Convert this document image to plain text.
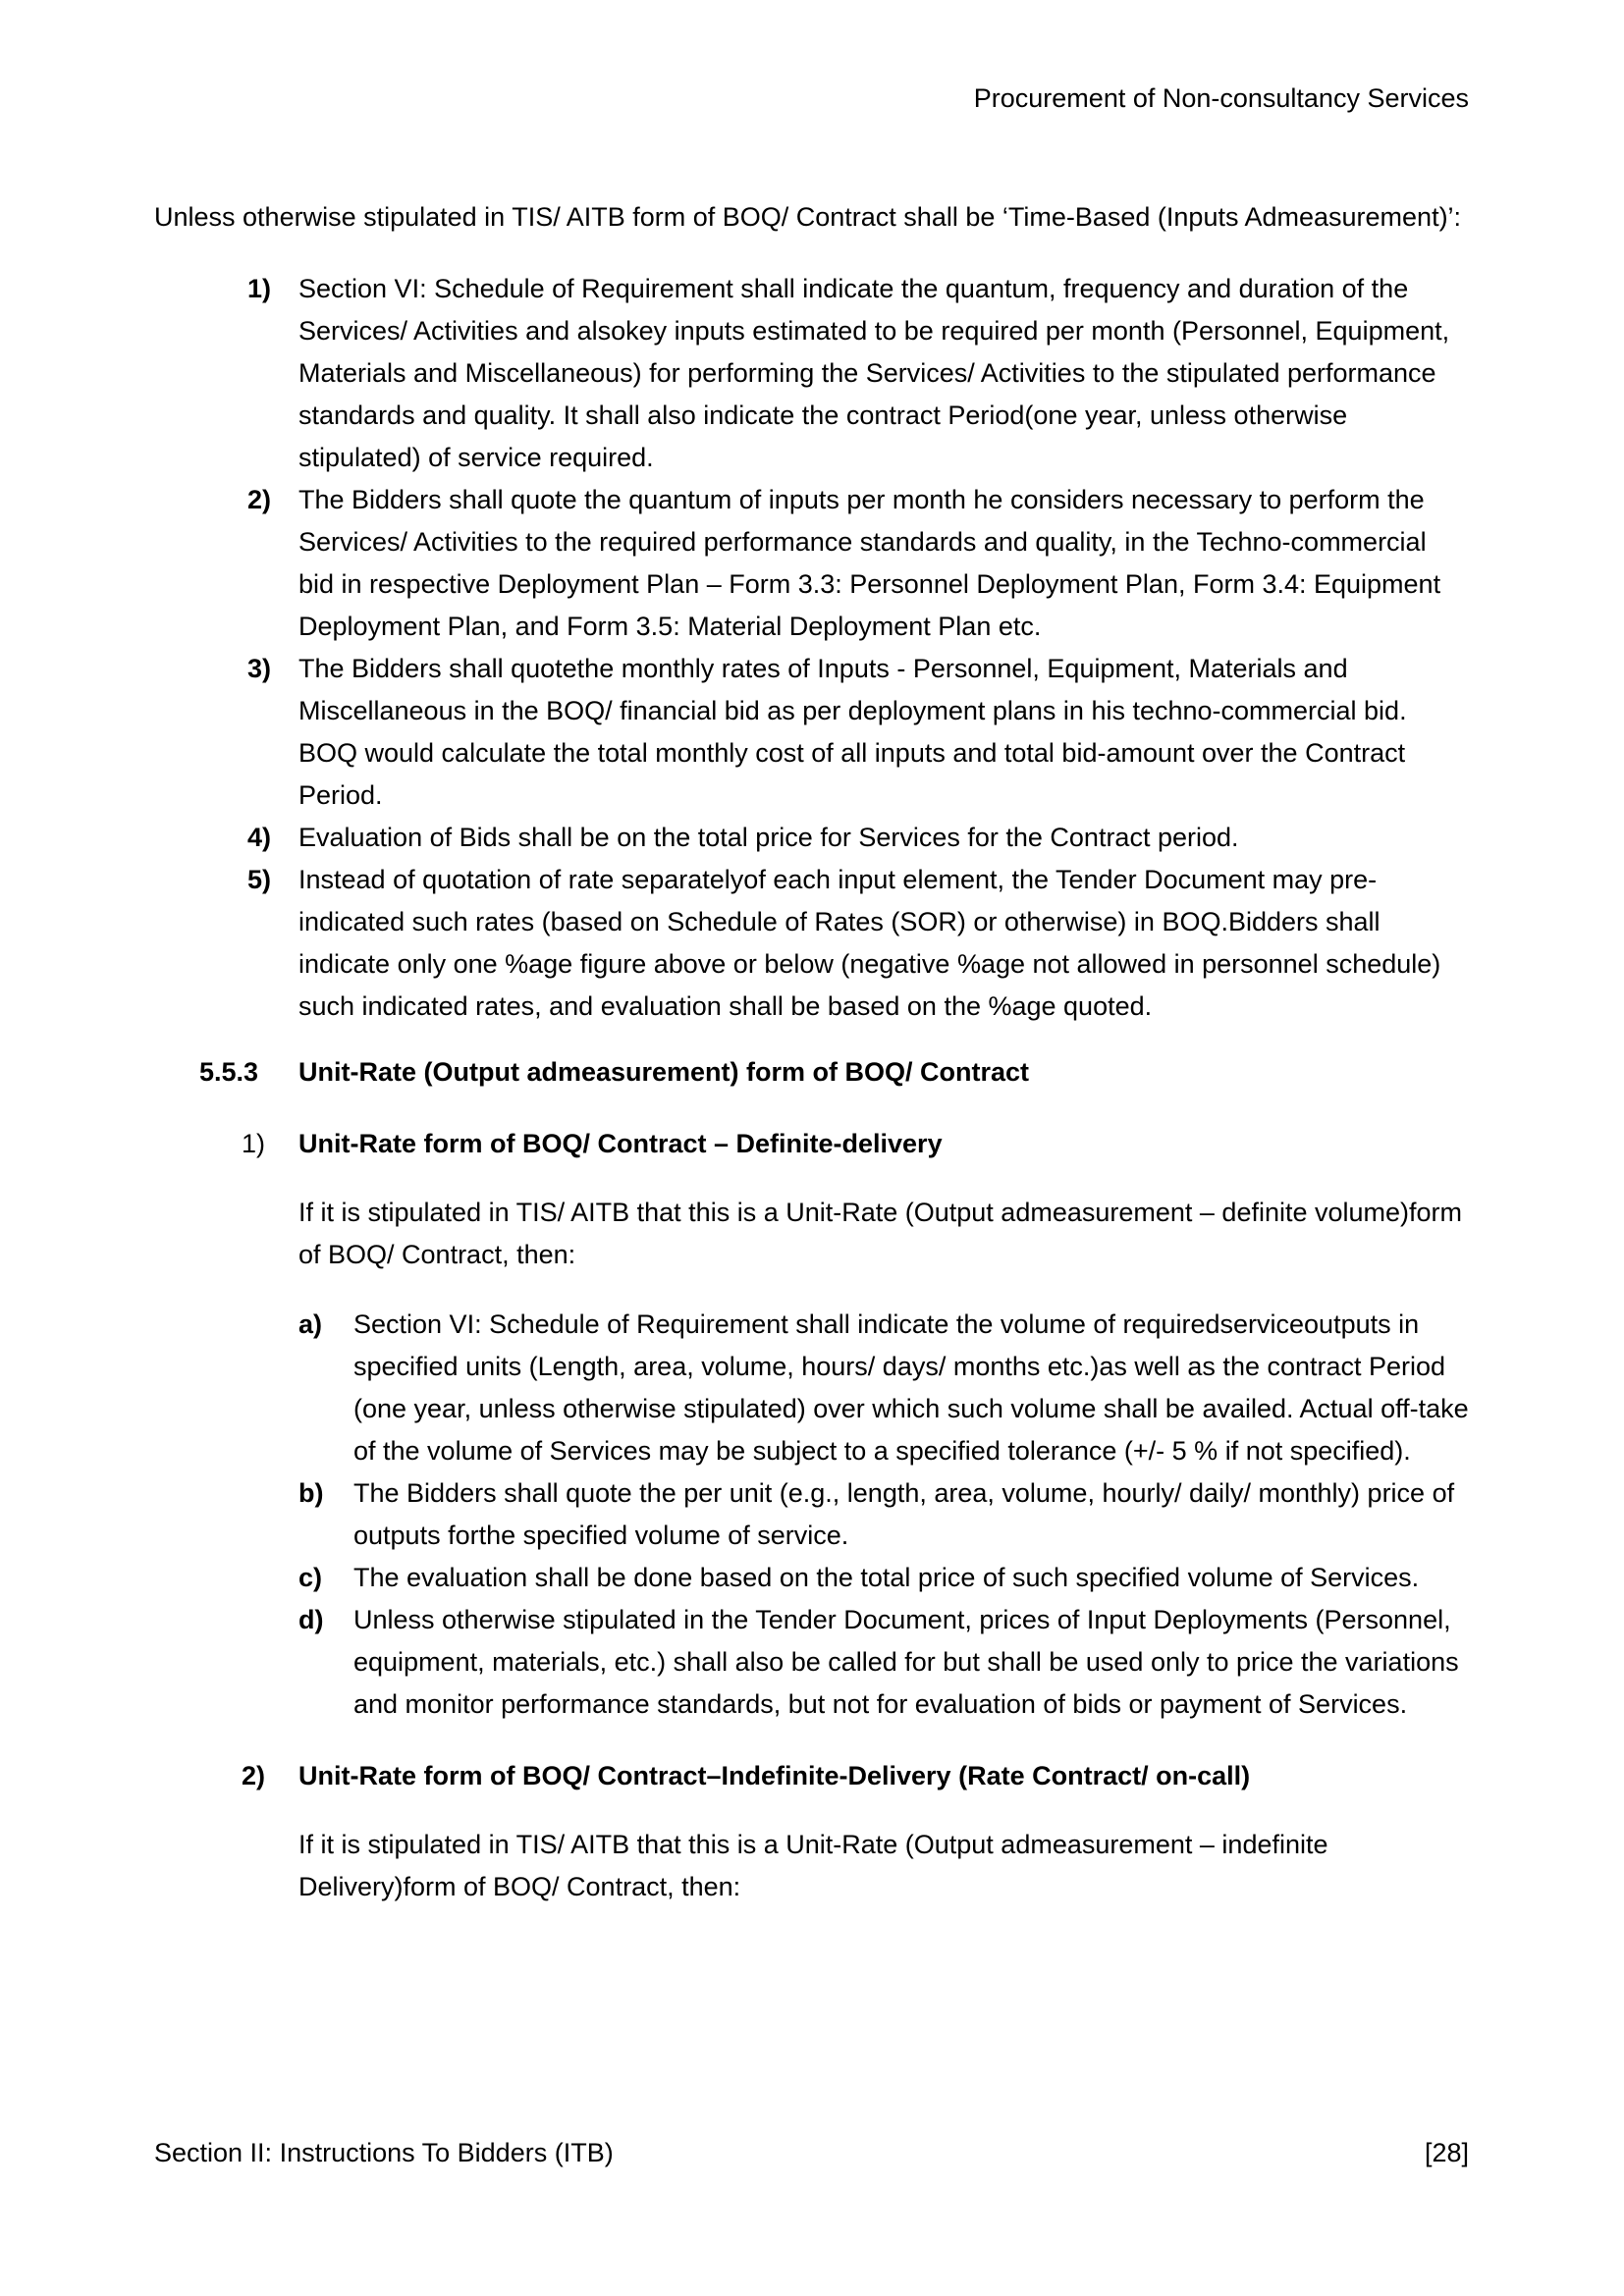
Procurement of Non-consultancy Services

Unless otherwise stipulated in TIS/ AITB form of BOQ/ Contract shall be ‘Time-Based (Inputs Admeasurement)’:

1)	Section VI: Schedule of Requirement shall indicate the quantum, frequency and duration of the Services/ Activities and alsokey inputs estimated to be required per month (Personnel, Equipment, Materials and Miscellaneous) for performing the Services/ Activities to the stipulated performance standards and quality. It shall also indicate the contract Period(one year, unless otherwise stipulated) of service required.
2)	The Bidders shall quote the quantum of inputs per month he considers necessary to perform the Services/ Activities to the required performance standards and quality, in the Techno-commercial bid in respective Deployment Plan – Form 3.3: Personnel Deployment Plan, Form 3.4: Equipment Deployment Plan, and Form 3.5: Material Deployment Plan etc.
3)	The Bidders shall quotethe monthly rates of Inputs - Personnel, Equipment, Materials and Miscellaneous in the BOQ/ financial bid as per deployment plans in his techno-commercial bid. BOQ would calculate the total monthly cost of all inputs and total bid-amount over the Contract Period.
4)	Evaluation of Bids shall be on the total price for Services for the Contract period.
5)	Instead of quotation of rate separatelyof each input element, the Tender Document may pre-indicated such rates (based on Schedule of Rates (SOR) or otherwise) in BOQ.Bidders shall indicate only one %age figure above or below (negative %age not allowed in personnel schedule) such indicated rates, and evaluation shall be based on the %age quoted.
5.5.3	Unit-Rate (Output admeasurement) form of BOQ/ Contract
1)	Unit-Rate form of BOQ/ Contract – Definite-delivery

If it is stipulated in TIS/ AITB that this is a Unit-Rate (Output admeasurement – definite volume)form of BOQ/ Contract, then:

a)	Section VI: Schedule of Requirement shall indicate the volume of requiredserviceoutputs in specified units (Length, area, volume, hours/ days/ months etc.)as well as the contract Period (one year, unless otherwise stipulated) over which such volume shall be availed. Actual off-take of the volume of Services may be subject to a specified tolerance (+/- 5 % if not specified).
b)	The Bidders shall quote the per unit (e.g., length, area, volume, hourly/ daily/ monthly) price of outputs forthe specified volume of service.
c)	The evaluation shall be done based on the total price of such specified volume of Services.
d)	Unless otherwise stipulated in the Tender Document, prices of Input Deployments (Personnel, equipment, materials, etc.) shall also be called for but shall be used only to price the variations and monitor performance standards, but not for evaluation of bids or payment of Services.
2)	Unit-Rate form of BOQ/ Contract–Indefinite-Delivery (Rate Contract/ on-call)

If it is stipulated in TIS/ AITB that this is a Unit-Rate (Output admeasurement – indefinite Delivery)form of BOQ/ Contract, then:

Section II: Instructions To Bidders (ITB)	[28]
